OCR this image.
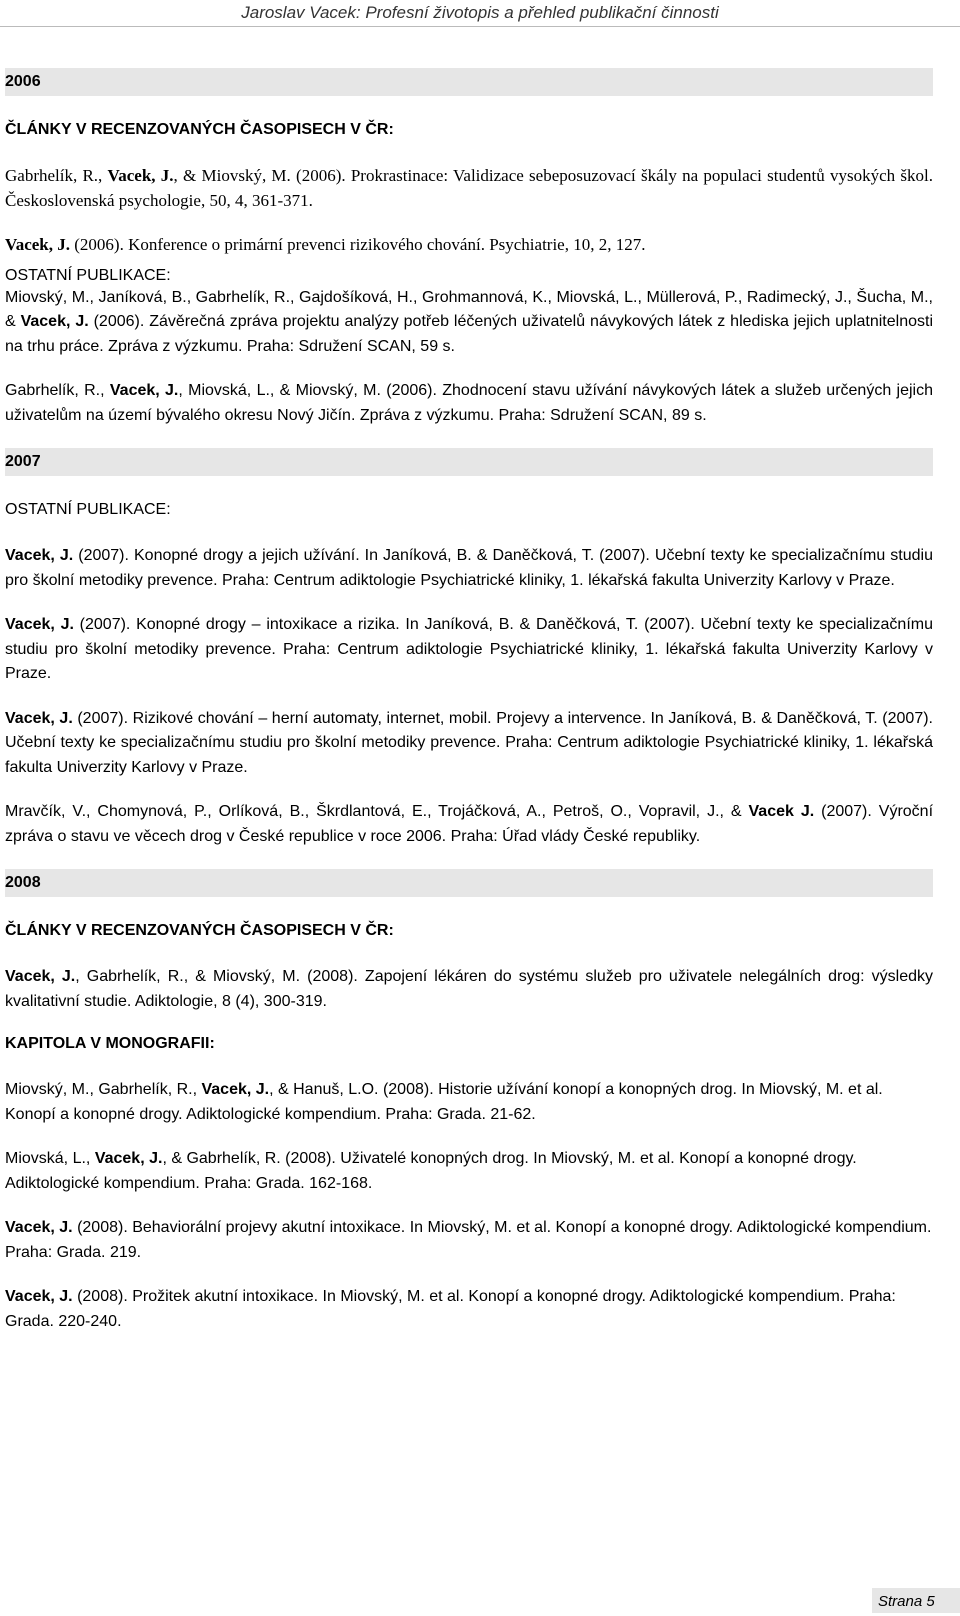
Jaroslav Vacek: Profesní životopis a přehled publikační činnosti
2006
ČLÁNKY V RECENZOVANÝCH ČASOPISECH V ČR:

Gabrhelík, R., Vacek, J., & Miovský, M. (2006). Prokrastinace: Validizace sebeposuzovací škály na populaci studentů vysokých škol. Československá psychologie, 50, 4, 361-371.

Vacek, J. (2006). Konference o primární prevenci rizikového chování. Psychiatrie, 10, 2, 127.

OSTATNÍ PUBLIKACE:

Miovský, M., Janíková, B., Gabrhelík, R., Gajdošíková, H., Grohmannová, K., Miovská, L., Müllerová, P., Radimecký, J., Šucha, M., & Vacek, J. (2006). Závěrečná zpráva projektu analýzy potřeb léčených uživatelů návykových látek z hlediska jejich uplatnitelnosti na trhu práce. Zpráva z výzkumu. Praha: Sdružení SCAN, 59 s.

Gabrhelík, R., Vacek, J., Miovská, L., & Miovský, M. (2006). Zhodnocení stavu užívání návykových látek a služeb určených jejich uživatelům na území bývalého okresu Nový Jičín. Zpráva z výzkumu. Praha: Sdružení SCAN, 89 s.

2007
OSTATNÍ PUBLIKACE:

Vacek, J. (2007). Konopné drogy a jejich užívání. In Janíková, B. & Daněčková, T. (2007). Učební texty ke specializačnímu studiu pro školní metodiky prevence. Praha: Centrum adiktologie Psychiatrické kliniky, 1. lékařská fakulta Univerzity Karlovy v Praze.

Vacek, J. (2007). Konopné drogy – intoxikace a rizika. In Janíková, B. & Daněčková, T. (2007). Učební texty ke specializačnímu studiu pro školní metodiky prevence. Praha: Centrum adiktologie Psychiatrické kliniky, 1. lékařská fakulta Univerzity Karlovy v Praze.

Vacek, J. (2007). Rizikové chování – herní automaty, internet, mobil. Projevy a intervence. In Janíková, B. & Daněčková, T. (2007). Učební texty ke specializačnímu studiu pro školní metodiky prevence. Praha: Centrum adiktologie Psychiatrické kliniky, 1. lékařská fakulta Univerzity Karlovy v Praze.

Mravčík, V., Chomynová, P., Orlíková, B., Škrdlantová, E., Trojáčková, A., Petroš, O., Vopravil, J., & Vacek J. (2007). Výroční zpráva o stavu ve věcech drog v České republice v roce 2006. Praha: Úřad vlády České republiky.

2008
ČLÁNKY V RECENZOVANÝCH ČASOPISECH V ČR:

Vacek, J., Gabrhelík, R., & Miovský, M. (2008). Zapojení lékáren do systému služeb pro uživatele nelegálních drog: výsledky kvalitativní studie. Adiktologie, 8 (4), 300-319.

KAPITOLA V MONOGRAFII:

Miovský, M., Gabrhelík, R., Vacek, J., & Hanuš, L.O. (2008). Historie užívání konopí a konopných drog. In Miovský, M. et al. Konopí a konopné drogy. Adiktologické kompendium. Praha: Grada. 21-62.

Miovská, L., Vacek, J., & Gabrhelík, R. (2008). Uživatelé konopných drog. In Miovský, M. et al. Konopí a konopné drogy. Adiktologické kompendium. Praha: Grada. 162-168.

Vacek, J. (2008). Behaviorální projevy akutní intoxikace. In Miovský, M. et al. Konopí a konopné drogy. Adiktologické kompendium. Praha: Grada. 219.

Vacek, J. (2008). Prožitek akutní intoxikace. In Miovský, M. et al. Konopí a konopné drogy. Adiktologické kompendium. Praha: Grada. 220-240.

Strana 5
